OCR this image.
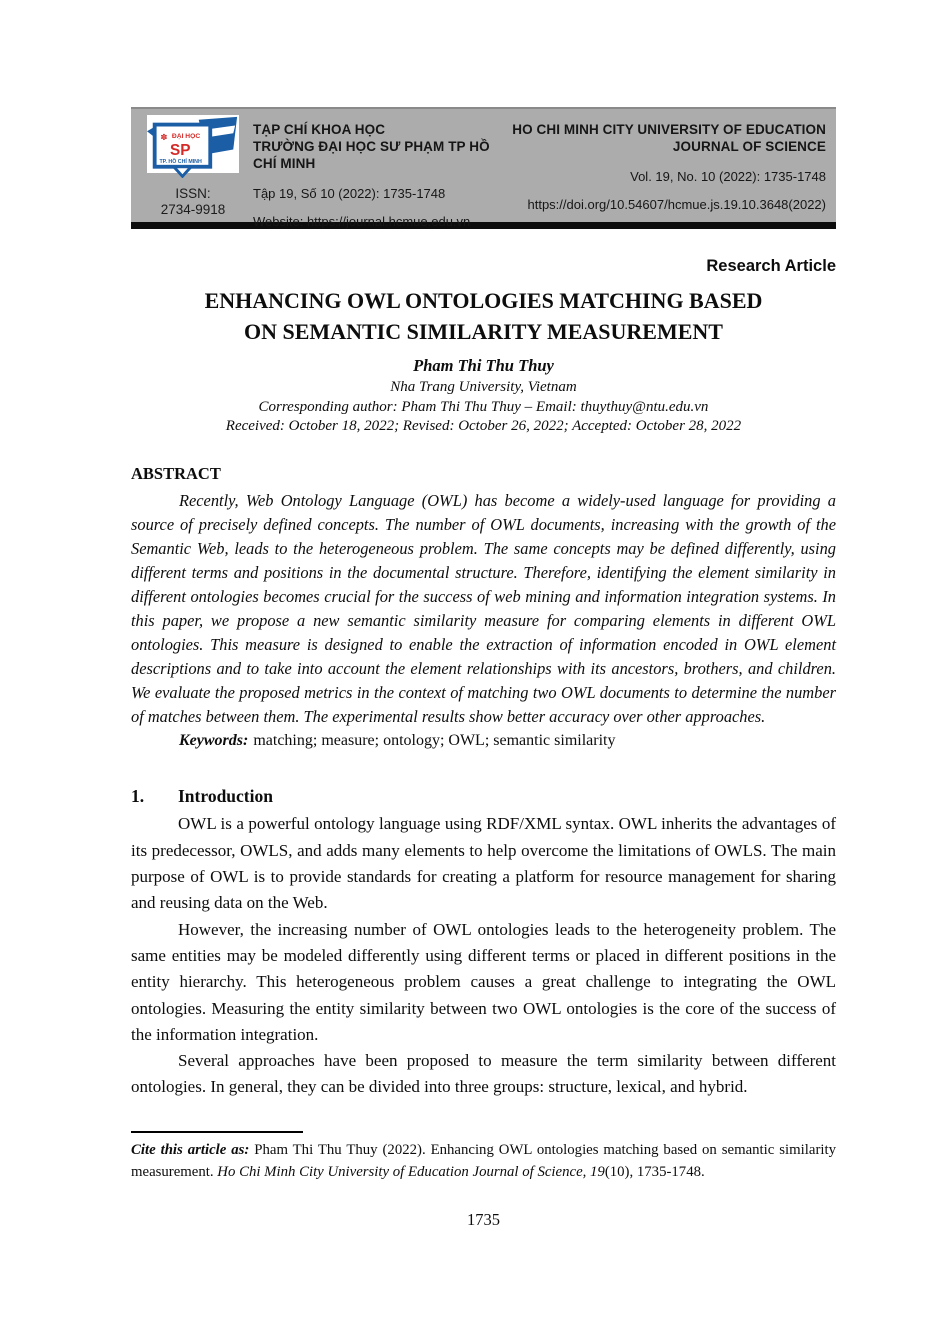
✽ ĐẠI HỌC
SP
TP. HỒ CHÍ MINH
ISSN:
2734-9918
TẠP CHÍ KHOA HỌC
TRƯỜNG ĐẠI HỌC SƯ PHẠM TP HỒ CHÍ MINH
Tập 19, Số 10 (2022): 1735-1748
Website: https://journal.hcmue.edu.vn
HO CHI MINH CITY UNIVERSITY OF EDUCATION
JOURNAL OF SCIENCE
Vol. 19, No. 10 (2022): 1735-1748
https://doi.org/10.54607/hcmue.js.19.10.3648(2022)
Research Article
ENHANCING OWL ONTOLOGIES MATCHING BASED
ON SEMANTIC SIMILARITY MEASUREMENT
Pham Thi Thu Thuy
Nha Trang University, Vietnam
Corresponding author: Pham Thi Thu Thuy – Email: thuythuy@ntu.edu.vn
Received: October 18, 2022; Revised: October 26, 2022; Accepted: October 28, 2022
ABSTRACT

Recently, Web Ontology Language (OWL) has become a widely-used language for providing a source of precisely defined concepts. The number of OWL documents, increasing with the growth of the Semantic Web, leads to the heterogeneous problem. The same concepts may be defined differently, using different terms and positions in the documental structure. Therefore, identifying the element similarity in different ontologies becomes crucial for the success of web mining and information integration systems. In this paper, we propose a new semantic similarity measure for comparing elements in different OWL ontologies. This measure is designed to enable the extraction of information encoded in OWL element descriptions and to take into account the element relationships with its ancestors, brothers, and children. We evaluate the proposed metrics in the context of matching two OWL documents to determine the number of matches between them. The experimental results show better accuracy over other approaches.

Keywords: matching; measure; ontology; OWL; semantic similarity

1. Introduction

OWL is a powerful ontology language using RDF/XML syntax. OWL inherits the advantages of its predecessor, OWLS, and adds many elements to help overcome the limitations of OWLS. The main purpose of OWL is to provide standards for creating a platform for resource management for sharing and reusing data on the Web.

However, the increasing number of OWL ontologies leads to the heterogeneity problem. The same entities may be modeled differently using different terms or placed in different positions in the entity hierarchy. This heterogeneous problem causes a great challenge to integrating the OWL ontologies. Measuring the entity similarity between two OWL ontologies is the core of the success of the information integration.

Several approaches have been proposed to measure the term similarity between different ontologies. In general, they can be divided into three groups: structure, lexical, and hybrid.

Cite this article as: Pham Thi Thu Thuy (2022). Enhancing OWL ontologies matching based on semantic similarity measurement. Ho Chi Minh City University of Education Journal of Science, 19(10), 1735-1748.

1735
